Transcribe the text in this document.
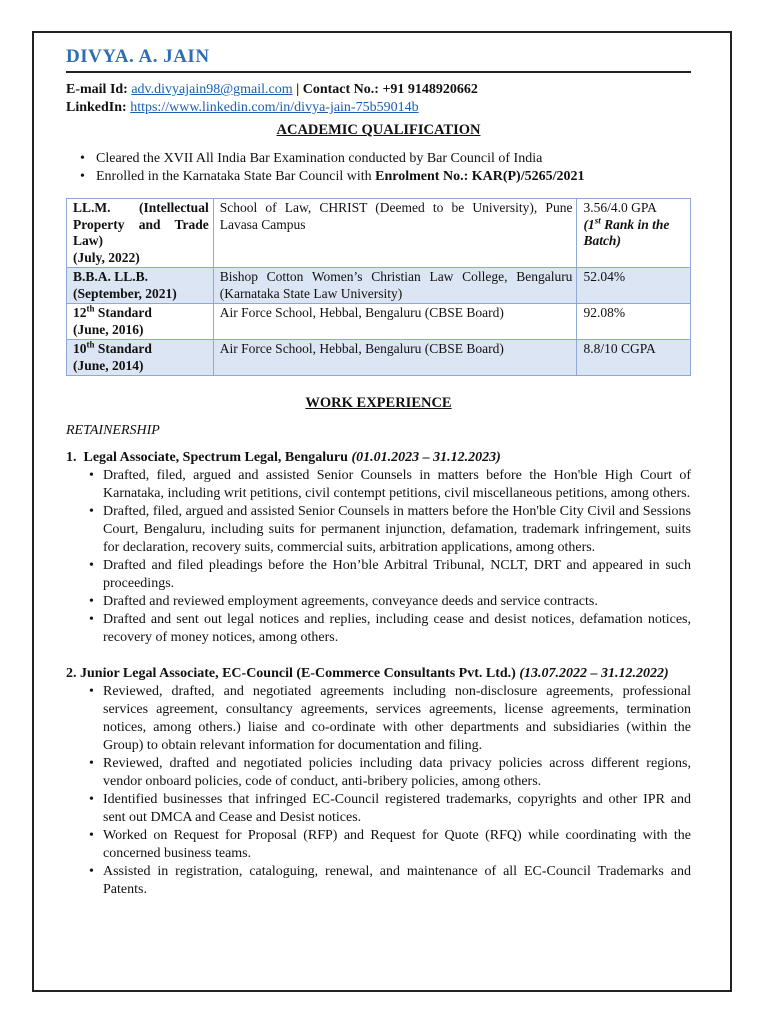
DIVYA. A. JAIN
E-mail Id: adv.divyajain98@gmail.com | Contact No.: +91 9148920662
LinkedIn: https://www.linkedin.com/in/divya-jain-75b59014b
ACADEMIC QUALIFICATION
• Cleared the XVII All India Bar Examination conducted by Bar Council of India
• Enrolled in the Karnataka State Bar Council with Enrolment No.: KAR(P)/5265/2021
LL.M. (Intellectual Property and Trade Law)
(July, 2022)	School of Law, CHRIST (Deemed to be University), Pune Lavasa Campus	3.56/4.0 GPA
(1st Rank in the Batch)
B.B.A. LL.B.
(September, 2021)	Bishop Cotton Women’s Christian Law College, Bengaluru (Karnataka State Law University)	52.04%
12th Standard
(June, 2016)	Air Force School, Hebbal, Bengaluru (CBSE Board)	92.08%
10th Standard
(June, 2014)	Air Force School, Hebbal, Bengaluru (CBSE Board)	8.8/10 CGPA
WORK EXPERIENCE
RETAINERSHIP
1. Legal Associate, Spectrum Legal, Bengaluru (01.01.2023 – 31.12.2023)
• Drafted, filed, argued and assisted Senior Counsels in matters before the Hon'ble High Court of Karnataka, including writ petitions, civil contempt petitions, civil miscellaneous petitions, among others.
• Drafted, filed, argued and assisted Senior Counsels in matters before the Hon'ble City Civil and Sessions Court, Bengaluru, including suits for permanent injunction, defamation, trademark infringement, suits for declaration, recovery suits, commercial suits, arbitration applications, among others.
• Drafted and filed pleadings before the Hon’ble Arbitral Tribunal, NCLT, DRT and appeared in such proceedings.
• Drafted and reviewed employment agreements, conveyance deeds and service contracts.
• Drafted and sent out legal notices and replies, including cease and desist notices, defamation notices, recovery of money notices, among others.
2. Junior Legal Associate, EC-Council (E-Commerce Consultants Pvt. Ltd.) (13.07.2022 – 31.12.2022)
• Reviewed, drafted, and negotiated agreements including non-disclosure agreements, professional services agreement, consultancy agreements, services agreements, license agreements, termination notices, among others.) liaise and co-ordinate with other departments and subsidiaries (within the Group) to obtain relevant information for documentation and filing.
• Reviewed, drafted and negotiated policies including data privacy policies across different regions, vendor onboard policies, code of conduct, anti-bribery policies, among others.
• Identified businesses that infringed EC-Council registered trademarks, copyrights and other IPR and sent out DMCA and Cease and Desist notices.
• Worked on Request for Proposal (RFP) and Request for Quote (RFQ) while coordinating with the concerned business teams.
• Assisted in registration, cataloguing, renewal, and maintenance of all EC-Council Trademarks and Patents.
